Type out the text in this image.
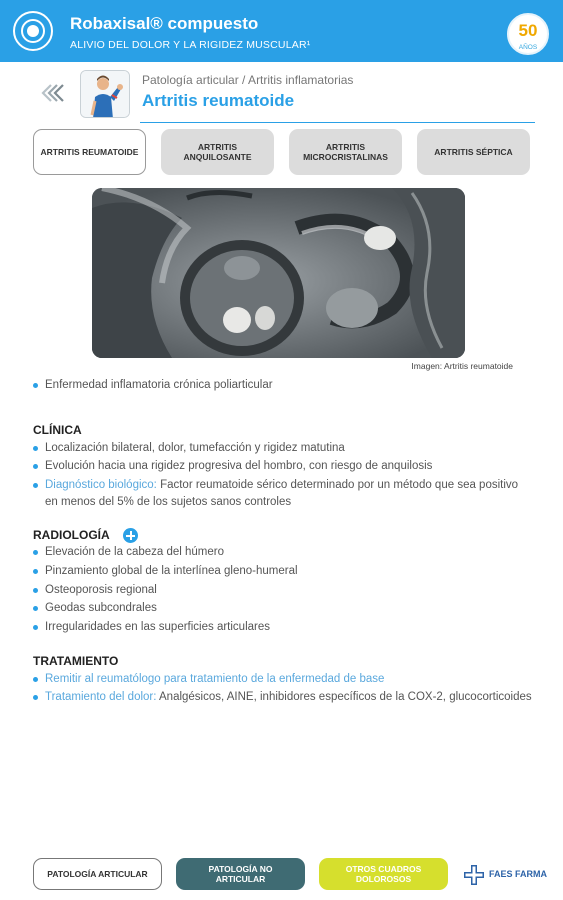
Robaxisal® compuesto
ALIVIO DEL DOLOR Y LA RIGIDEZ MUSCULAR¹
50
AÑOS
Patología articular / Artritis inflamatorias
Artritis reumatoide
ARTRITIS REUMATOIDE	ARTRITIS ANQUILOSANTE
ARTRITIS MICROCRISTALINAS	ARTRITIS SÉPTICA
Imagen: Artritis reumatoide
Enfermedad inflamatoria crónica poliarticular
CLÍNICA
Localización bilateral, dolor, tumefacción y rigidez matutina
Evolución hacia una rigidez progresiva del hombro, con riesgo de anquilosis
Diagnóstico biológico: Factor reumatoide sérico determinado por un método que sea positivo en menos del 5% de los sujetos sanos controles
RADIOLOGÍA
Elevación de la cabeza del húmero
Pinzamiento global de la interlínea gleno-humeral
Osteoporosis regional
Geodas subcondrales
Irregularidades en las superficies articulares
TRATAMIENTO
Remitir al reumatólogo para tratamiento de la enfermedad de base
Tratamiento del dolor: Analgésicos, AINE, inhibidores específicos de la COX-2, glucocorticoides
PATOLOGÍA ARTICULAR	PATOLOGÍA NO ARTICULAR
OTROS CUADROS DOLOROSOS	FAES FARMA
